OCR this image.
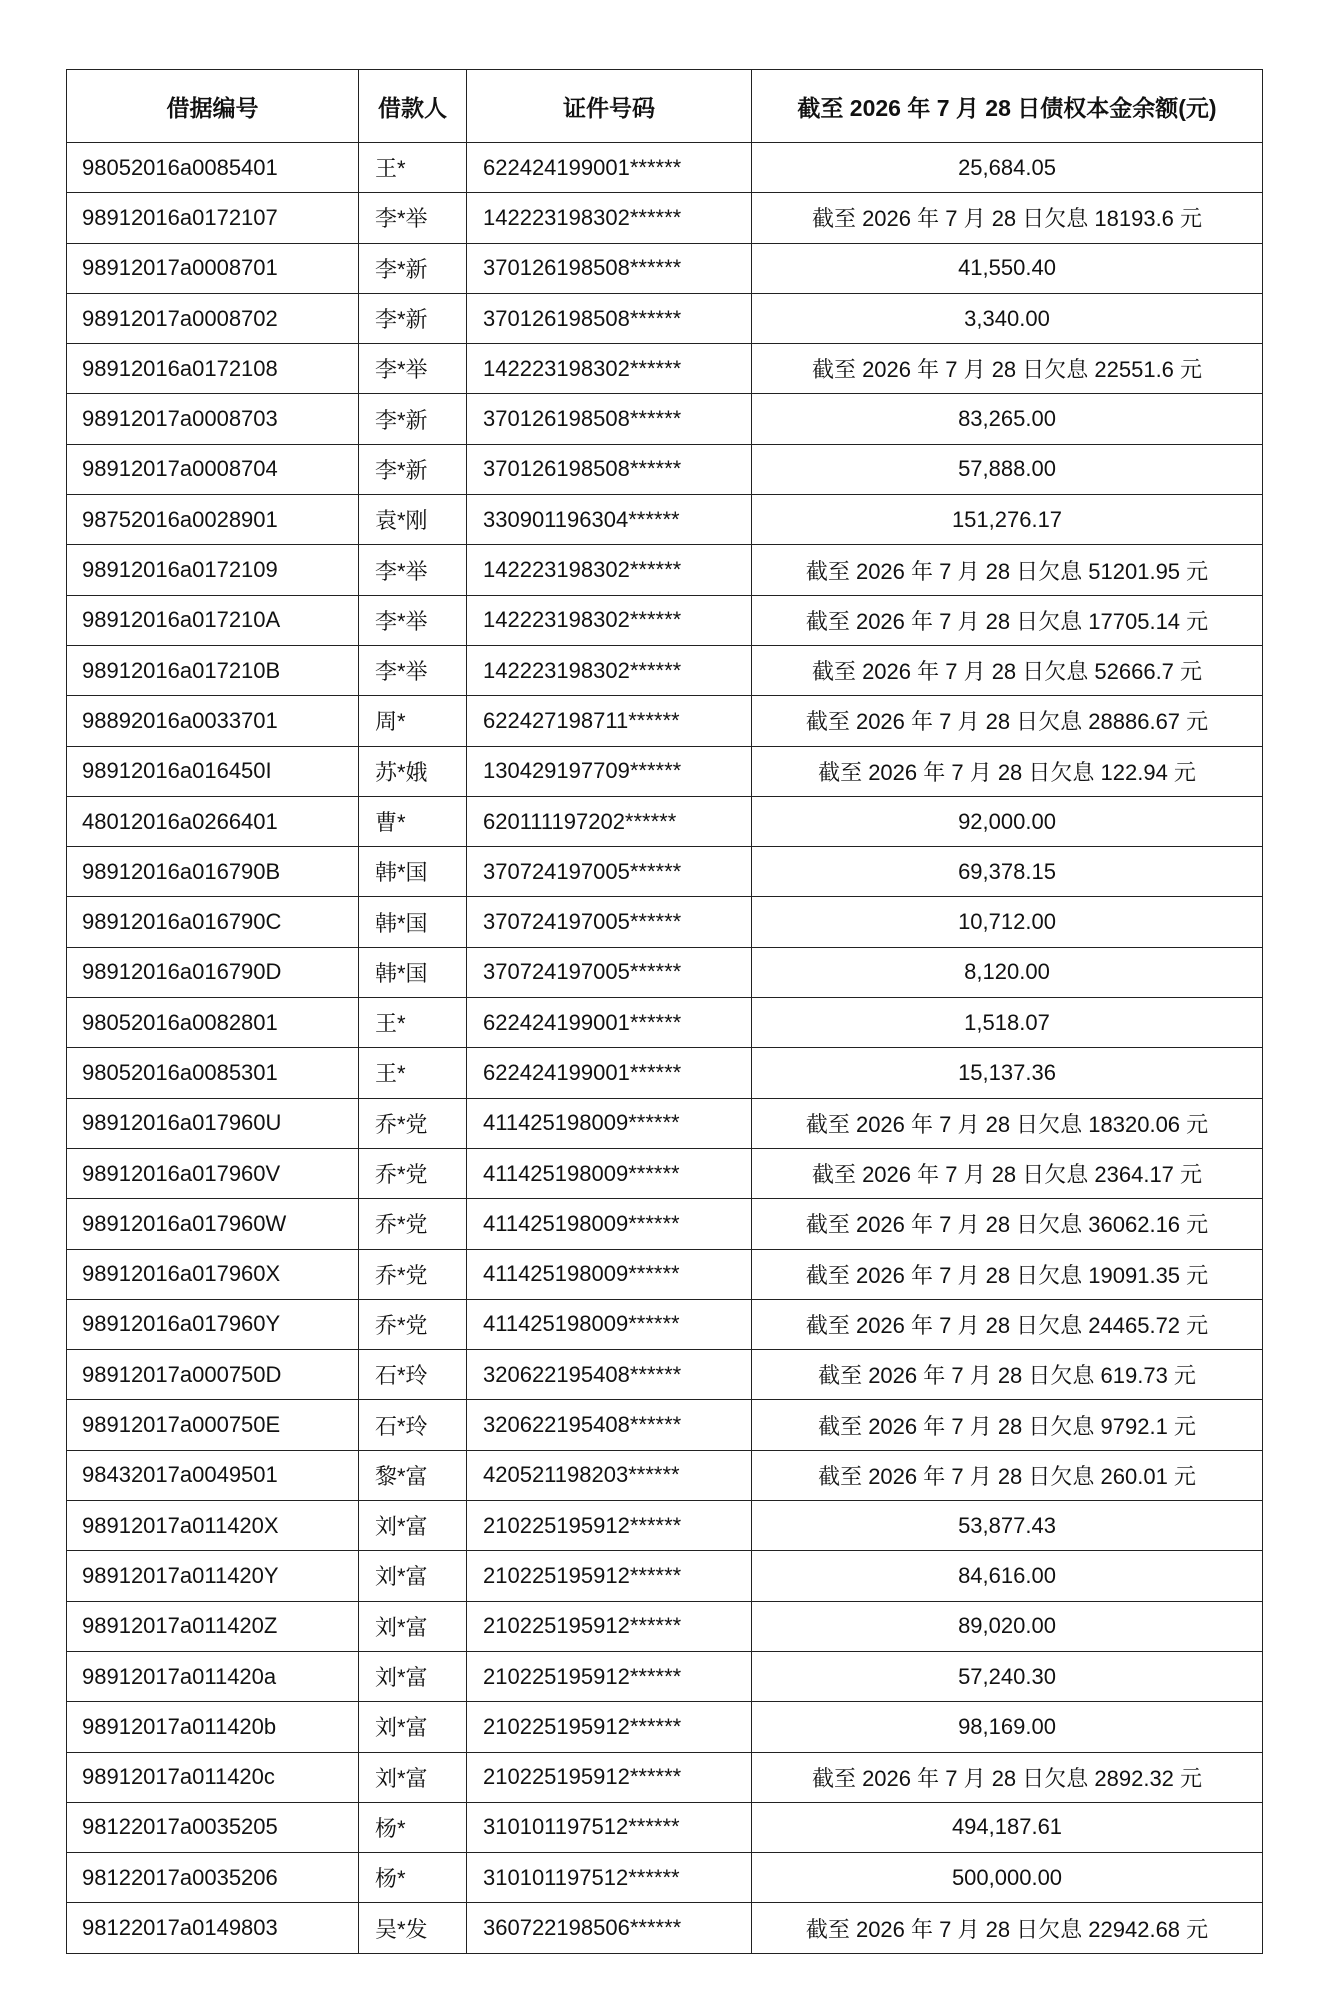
借据编号	借款人	证件号码	截至 2026 年 7 月 28 日债权本金余额(元)
98052016a0085401	王*	622424199001******	25,684.05
98912016a0172107	李*举	142223198302******	截至 2026 年 7 月 28 日欠息 18193.6 元
98912017a0008701	李*新	370126198508******	41,550.40
98912017a0008702	李*新	370126198508******	3,340.00
98912016a0172108	李*举	142223198302******	截至 2026 年 7 月 28 日欠息 22551.6 元
98912017a0008703	李*新	370126198508******	83,265.00
98912017a0008704	李*新	370126198508******	57,888.00
98752016a0028901	袁*刚	330901196304******	151,276.17
98912016a0172109	李*举	142223198302******	截至 2026 年 7 月 28 日欠息 51201.95 元
98912016a017210A	李*举	142223198302******	截至 2026 年 7 月 28 日欠息 17705.14 元
98912016a017210B	李*举	142223198302******	截至 2026 年 7 月 28 日欠息 52666.7 元
98892016a0033701	周*	622427198711******	截至 2026 年 7 月 28 日欠息 28886.67 元
98912016a016450I	苏*娥	130429197709******	截至 2026 年 7 月 28 日欠息 122.94 元
48012016a0266401	曹*	620111197202******	92,000.00
98912016a016790B	韩*国	370724197005******	69,378.15
98912016a016790C	韩*国	370724197005******	10,712.00
98912016a016790D	韩*国	370724197005******	8,120.00
98052016a0082801	王*	622424199001******	1,518.07
98052016a0085301	王*	622424199001******	15,137.36
98912016a017960U	乔*党	411425198009******	截至 2026 年 7 月 28 日欠息 18320.06 元
98912016a017960V	乔*党	411425198009******	截至 2026 年 7 月 28 日欠息 2364.17 元
98912016a017960W	乔*党	411425198009******	截至 2026 年 7 月 28 日欠息 36062.16 元
98912016a017960X	乔*党	411425198009******	截至 2026 年 7 月 28 日欠息 19091.35 元
98912016a017960Y	乔*党	411425198009******	截至 2026 年 7 月 28 日欠息 24465.72 元
98912017a000750D	石*玲	320622195408******	截至 2026 年 7 月 28 日欠息 619.73 元
98912017a000750E	石*玲	320622195408******	截至 2026 年 7 月 28 日欠息 9792.1 元
98432017a0049501	黎*富	420521198203******	截至 2026 年 7 月 28 日欠息 260.01 元
98912017a011420X	刘*富	210225195912******	53,877.43
98912017a011420Y	刘*富	210225195912******	84,616.00
98912017a011420Z	刘*富	210225195912******	89,020.00
98912017a011420a	刘*富	210225195912******	57,240.30
98912017a011420b	刘*富	210225195912******	98,169.00
98912017a011420c	刘*富	210225195912******	截至 2026 年 7 月 28 日欠息 2892.32 元
98122017a0035205	杨*	310101197512******	494,187.61
98122017a0035206	杨*	310101197512******	500,000.00
98122017a0149803	吴*发	360722198506******	截至 2026 年 7 月 28 日欠息 22942.68 元
